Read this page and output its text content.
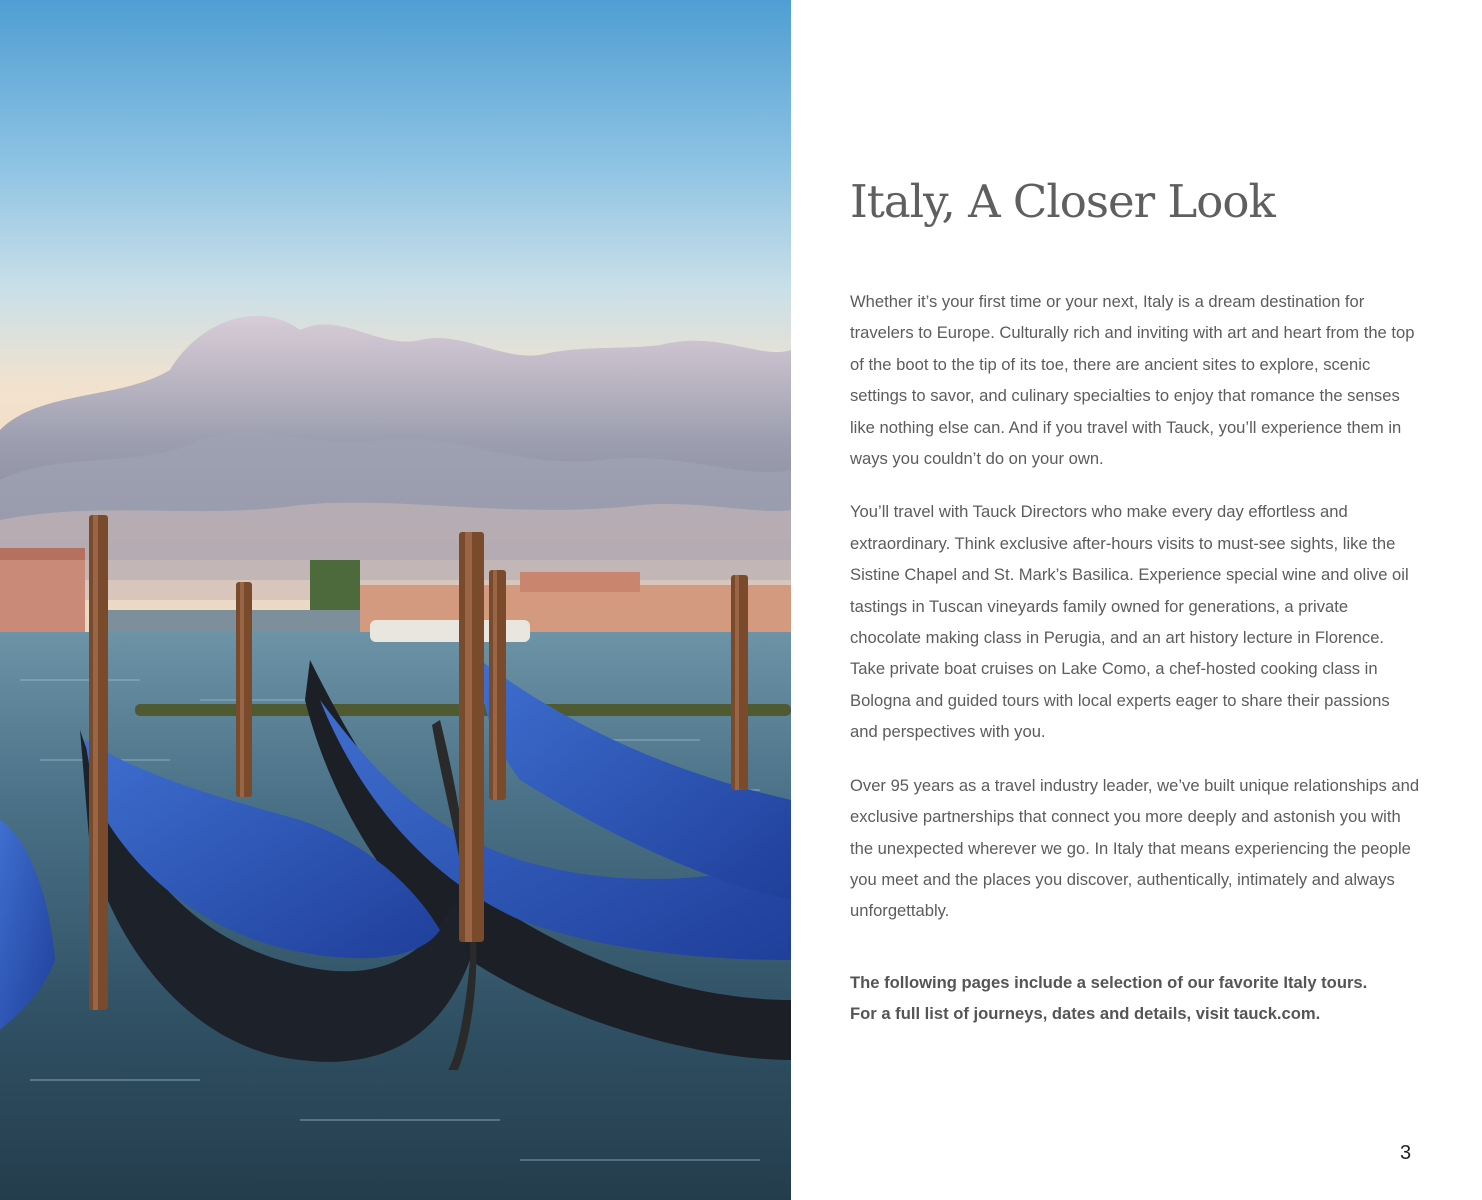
Italy, A Closer Look

Whether it’s your first time or your next, Italy is a dream destination for travelers to Europe. Culturally rich and inviting with art and heart from the top of the boot to the tip of its toe, there are ancient sites to explore, scenic settings to savor, and culinary specialties to enjoy that romance the senses like nothing else can. And if you travel with Tauck, you’ll experience them in ways you couldn’t do on your own.

You’ll travel with Tauck Directors who make every day effortless and extraordinary. Think exclusive after-hours visits to must-see sights, like the Sistine Chapel and St. Mark’s Basilica. Experience special wine and olive oil tastings in Tuscan vineyards family owned for generations, a private chocolate making class in Perugia, and an art history lecture in Florence. Take private boat cruises on Lake Como, a chef-hosted cooking class in Bologna and guided tours with local experts eager to share their passions and perspectives with you.

Over 95 years as a travel industry leader, we’ve built unique relationships and exclusive partnerships that connect you more deeply and astonish you with the unexpected wherever we go. In Italy that means experiencing the people you meet and the places you discover, authentically, intimately and always unforgettably.

The following pages include a selection of our favorite Italy tours.
For a full list of journeys, dates and details, visit tauck.com.
3
